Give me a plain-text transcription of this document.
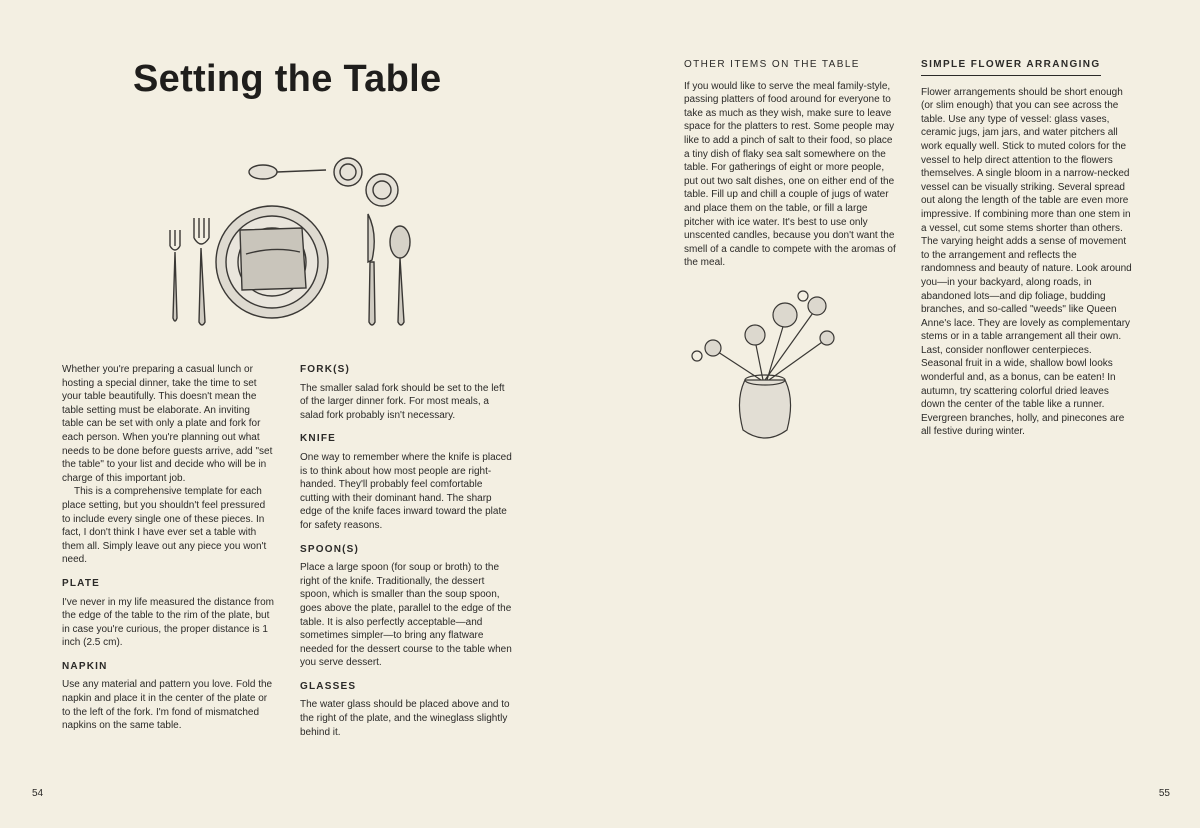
Setting the Table

Whether you're preparing a casual lunch or hosting a special dinner, take the time to set your table beautifully. This doesn't mean the table setting must be elaborate. An inviting table can be set with only a plate and fork for each person. When you're planning out what needs to be done before guests arrive, add "set the table" to your list and decide who will be in charge of this important job.

This is a comprehensive template for each place setting, but you shouldn't feel pressured to include every single one of these pieces. In fact, I don't think I have ever set a table with them all. Simply leave out any piece you won't need.

PLATE

I've never in my life measured the distance from the edge of the table to the rim of the plate, but in case you're curious, the proper distance is 1 inch (2.5 cm).

NAPKIN

Use any material and pattern you love. Fold the napkin and place it in the center of the plate or to the left of the fork. I'm fond of mismatched napkins on the same table.

FORK(S)

The smaller salad fork should be set to the left of the larger dinner fork. For most meals, a salad fork probably isn't necessary.

KNIFE

One way to remember where the knife is placed is to think about how most people are right-handed. They'll probably feel comfortable cutting with their dominant hand. The sharp edge of the knife faces inward toward the plate for safety reasons.

SPOON(S)

Place a large spoon (for soup or broth) to the right of the knife. Traditionally, the dessert spoon, which is smaller than the soup spoon, goes above the plate, parallel to the edge of the table. It is also perfectly acceptable—and sometimes simpler—to bring any flatware needed for the dessert course to the table when you serve dessert.

GLASSES

The water glass should be placed above and to the right of the plate, and the wineglass slightly behind it.

OTHER ITEMS ON THE TABLE

If you would like to serve the meal family-style, passing platters of food around for everyone to take as much as they wish, make sure to leave space for the platters to rest. Some people may like to add a pinch of salt to their food, so place a tiny dish of flaky sea salt somewhere on the table. For gatherings of eight or more people, put out two salt dishes, one on either end of the table. Fill up and chill a couple of jugs of water and place them on the table, or fill a large pitcher with ice water. It's best to use only unscented candles, because you don't want the smell of a candle to compete with the aromas of the meal.

SIMPLE FLOWER ARRANGING

Flower arrangements should be short enough (or slim enough) that you can see across the table. Use any type of vessel: glass vases, ceramic jugs, jam jars, and water pitchers all work equally well. Stick to muted colors for the vessel to help direct attention to the flowers themselves. A single bloom in a narrow-necked vessel can be visually striking. Several spread out along the length of the table are even more impressive. If combining more than one stem in a vessel, cut some stems shorter than others. The varying height adds a sense of movement to the arrangement and reflects the randomness and beauty of nature. Look around you—in your backyard, along roads, in abandoned lots—and dip foliage, budding branches, and so-called "weeds" like Queen Anne's lace. They are lovely as complementary stems or in a table arrangement all their own. Last, consider nonflower centerpieces. Seasonal fruit in a wide, shallow bowl looks wonderful and, as a bonus, can be eaten! In autumn, try scattering colorful dried leaves down the center of the table like a runner. Evergreen branches, holly, and pinecones are all festive during winter.

54	55
